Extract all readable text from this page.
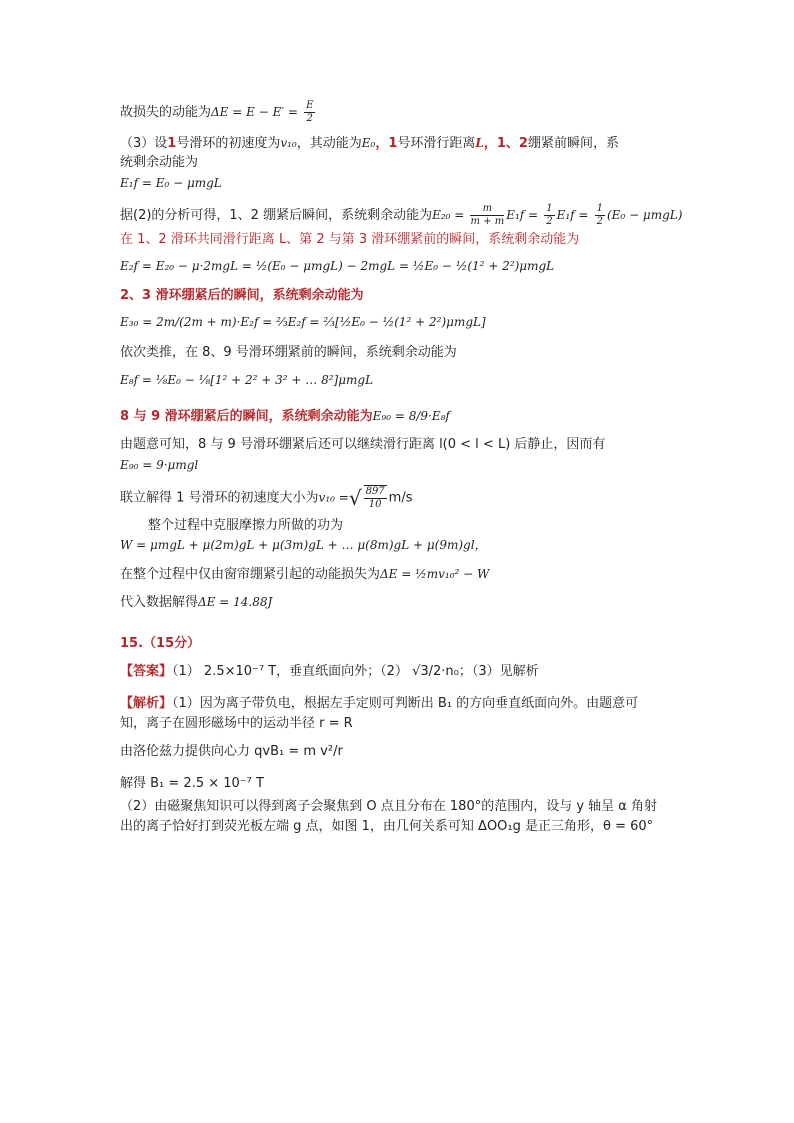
故损失的动能为$\Delta E = E - E' = \frac{E}{2}$
（3）设1号滑环的初速度为v₁₀，其动能为E₀，1号环滑行距离L，1、2绷紧前瞬间，系
统剩余动能为
E₁f = E₀ − μmgL
据(2)的分析可得，1、2 绷紧后瞬间，系统剩余动能为$E_{20} = \frac{m}{m + m} E_1f = \frac{1}{2} E_1f = \frac{1}{2} (E_0 - \mu mgL)$
在 1、2 滑环共同滑行距离 L、第 2 与第 3 滑环绷紧前的瞬间，系统剩余动能为
E₂f = E₂₀ − μ·2mgL = ½(E₀ − μmgL) − 2mgL = ½E₀ − ½(1² + 2²)μmgL
2、3 滑环绷紧后的瞬间，系统剩余动能为
E₃₀ = 2m/(2m + m)·E₂f = ⅔E₂f = ⅔[½E₀ − ½(1² + 2²)μmgL]
依次类推，在 8、9 号滑环绷紧前的瞬间，系统剩余动能为
E₈f = ⅛E₀ − ⅛[1² + 2² + 3² + … 8²]μmgL
8 与 9 滑环绷紧后的瞬间，系统剩余动能为E₉₀ = 8/9·E₈f
由题意可知，8 与 9 号滑环绷紧后还可以继续滑行距离 l(0 < l < L) 后静止，因而有
E₉₀ = 9·μmgl
联立解得 1 号滑环的初速度大小为v₁₀ =√ $\frac{897}{10} m/s$
整个过程中克服摩擦力所做的功为
W = μmgL + μ(2m)gL + μ(3m)gL + … μ(8m)gL + μ(9m)gl，
在整个过程中仅由窗帘绷紧引起的动能损失为ΔE = ½mv₁₀² − W
代入数据解得ΔE = 14.88J
15.（15分）
【答案】（1） 2.5×10⁻⁷ T，垂直纸面向外；（2） √3/2·n₀；（3）见解析
【解析】（1）因为离子带负电，根据左手定则可判断出 B₁ 的方向垂直纸面向外。由题意可
知，离子在圆形磁场中的运动半径 r = R
由洛伦兹力提供向心力 qvB₁ = m v²/r
解得 B₁ = 2.5 × 10⁻⁷ T
（2）由磁聚焦知识可以得到离子会聚焦到 O 点且分布在 180°的范围内，设与 y 轴呈 α 角射
出的离子恰好打到荧光板左端 g 点，如图 1，由几何关系可知 ΔOO₁g 是正三角形，θ = 60°
